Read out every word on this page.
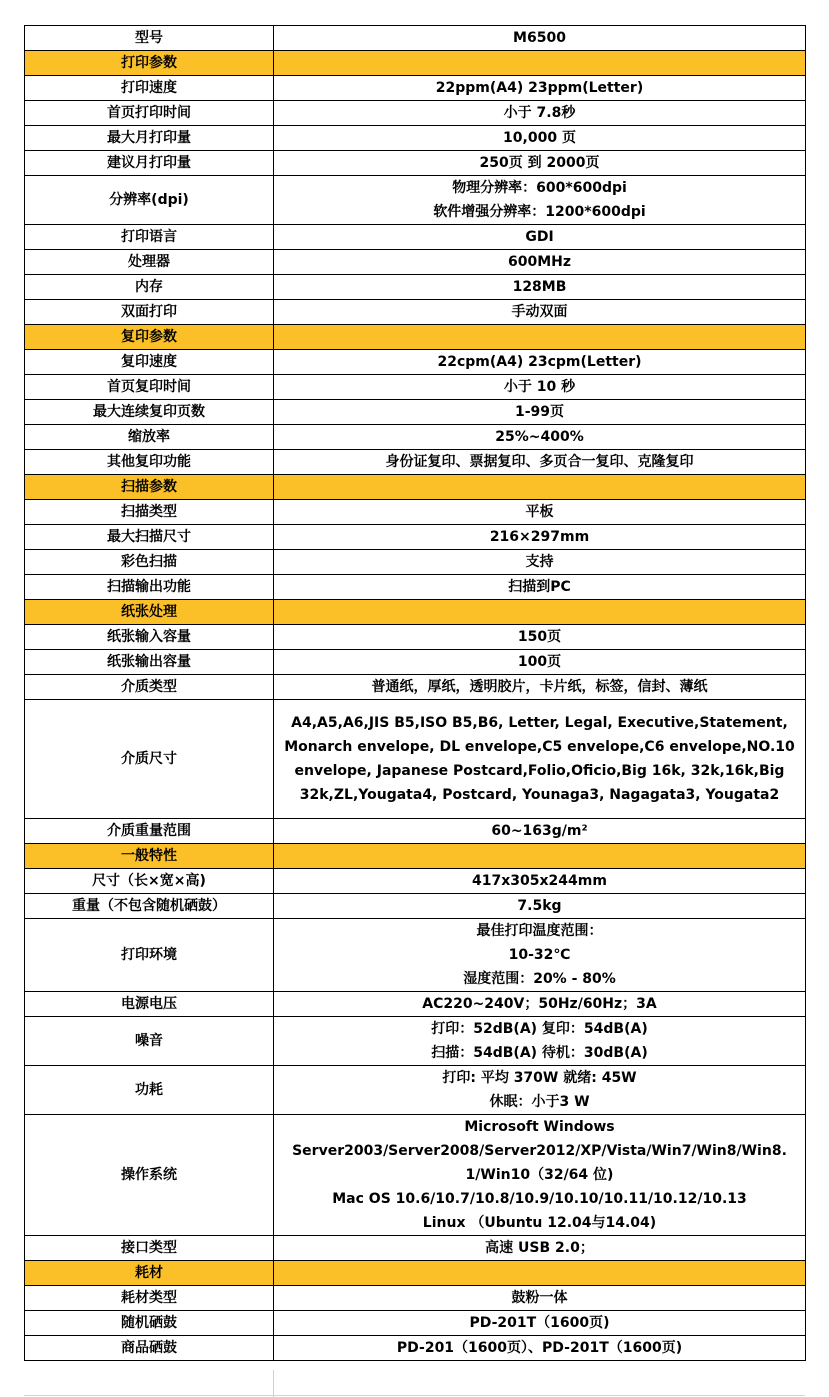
型号	M6500
打印参数	
打印速度	22ppm(A4) 23ppm(Letter)

首页打印时间	小于 7.8秒

最大月打印量	10,000 页

建议月打印量	250页 到 2000页

分辨率(dpi)	物理分辨率：600*600dpi
软件增强分辨率：1200*600dpi

打印语言	GDI

处理器	600MHz

内存	128MB

双面打印	手动双面

复印参数	
复印速度	22cpm(A4) 23cpm(Letter)

首页复印时间	小于 10 秒

最大连续复印页数	1-99页

缩放率	25%~400%

其他复印功能	身份证复印、票据复印、多页合一复印、克隆复印

扫描参数	
扫描类型	平板

最大扫描尺寸	216×297mm

彩色扫描	支持

扫描输出功能	扫描到PC

纸张处理	
纸张输入容量	150页

纸张输出容量	100页

介质类型	普通纸，厚纸，透明胶片，卡片纸，标签，信封、薄纸

介质尺寸	A4,A5,A6,JIS B5,ISO B5,B6, Letter, Legal, Executive,Statement,
Monarch envelope, DL envelope,C5 envelope,C6 envelope,NO.10
envelope, Japanese Postcard,Folio,Oficio,Big 16k, 32k,16k,Big
32k,ZL,Yougata4, Postcard, Younaga3, Nagagata3, Yougata2

介质重量范围	60~163g/m²

一般特性	
尺寸（长×宽×高)	417x305x244mm

重量（不包含随机硒鼓）	7.5kg

打印环境	最佳打印温度范围：
10-32℃
湿度范围：20% - 80%

电源电压	AC220~240V；50Hz/60Hz；3A

噪音	打印：52dB(A) 复印：54dB(A)
扫描：54dB(A) 待机：30dB(A)

功耗	打印: 平均 370W 就绪: 45W
休眠：小于3 W

操作系统	Microsoft Windows
Server2003/Server2008/Server2012/XP/Vista/Win7/Win8/Win8.
1/Win10（32/64 位)
Mac OS 10.6/10.7/10.8/10.9/10.10/10.11/10.12/10.13
Linux （Ubuntu 12.04与14.04)

接口类型	高速 USB 2.0；

耗材	
耗材类型	鼓粉一体

随机硒鼓	PD-201T（1600页)

商品硒鼓	PD-201（1600页）、PD-201T（1600页)
